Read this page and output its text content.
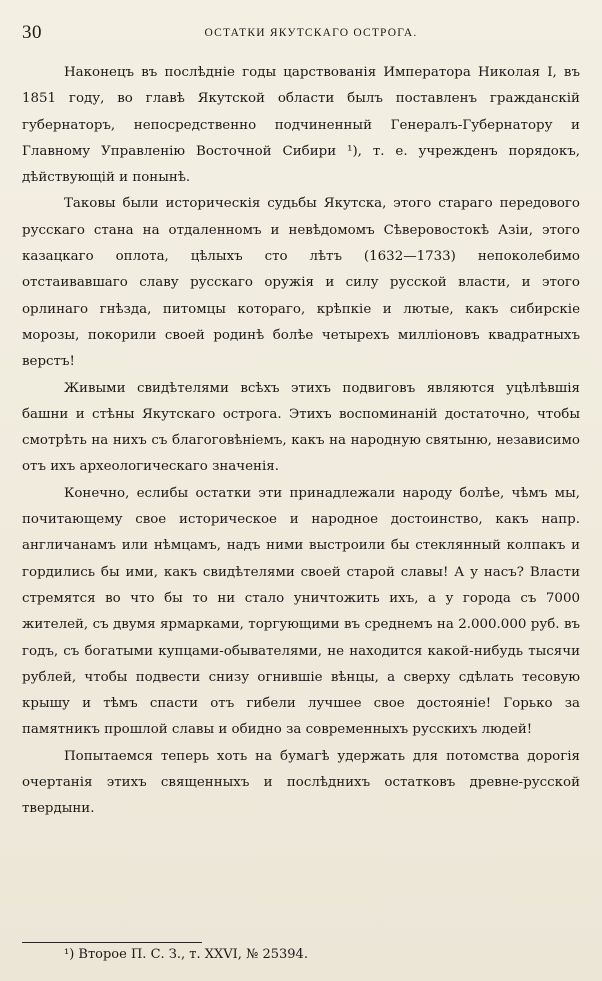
30	ОСТАТКИ ЯКУТСКАГО ОСТРОГА.

Наконецъ въ послѣдніе годы царствованія Императора Николая I, въ 1851 году, во главѣ Якутской области былъ поставленъ гражданскій губернаторъ, непосредственно подчиненный Генералъ-Губернатору и Главному Управленію Восточной Сибири ¹), т. е. учрежденъ порядокъ, дѣйствующій и понынѣ.

Таковы были историческія судьбы Якутска, этого стараго передового русскаго стана на отдаленномъ и невѣдомомъ Сѣверовостокѣ Азіи, этого казацкаго оплота, цѣлыхъ сто лѣтъ (1632—1733) непоколебимо отстаивавшаго славу русскаго оружія и силу русской власти, и этого орлинаго гнѣзда, питомцы котораго, крѣпкіе и лютые, какъ сибирскіе морозы, покорили своей родинѣ болѣе четырехъ милліоновъ квадратныхъ верстъ!

Живыми свидѣтелями всѣхъ этихъ подвиговъ являются уцѣлѣвшія башни и стѣны Якутскаго острога. Этихъ воспоминаній достаточно, чтобы смотрѣть на нихъ съ благоговѣніемъ, какъ на народную святыню, независимо отъ ихъ археологическаго значенія.

Конечно, еслибы остатки эти принадлежали народу болѣе, чѣмъ мы, почитающему свое историческое и народное достоинство, какъ напр. англичанамъ или нѣмцамъ, надъ ними выстроили бы стеклянный колпакъ и гордились бы ими, какъ свидѣтелями своей старой славы! А у насъ? Власти стремятся во что бы то ни стало уничтожить ихъ, а у города съ 7000 жителей, съ двумя ярмарками, торгующими въ среднемъ на 2.000.000 руб. въ годъ, съ богатыми купцами-обывателями, не находится какой-нибудь тысячи рублей, чтобы подвести снизу огнившіе вѣнцы, а сверху сдѣлать тесовую крышу и тѣмъ спасти отъ гибели лучшее свое достояніе! Горько за памятникъ прошлой славы и обидно за современныхъ русскихъ людей!

Попытаемся теперь хоть на бумагѣ удержать для потомства дорогія очертанія этихъ священныхъ и послѣднихъ остатковъ древне-русской твердыни.

¹) Второе П. С. З., т. XXVI, № 25394.
